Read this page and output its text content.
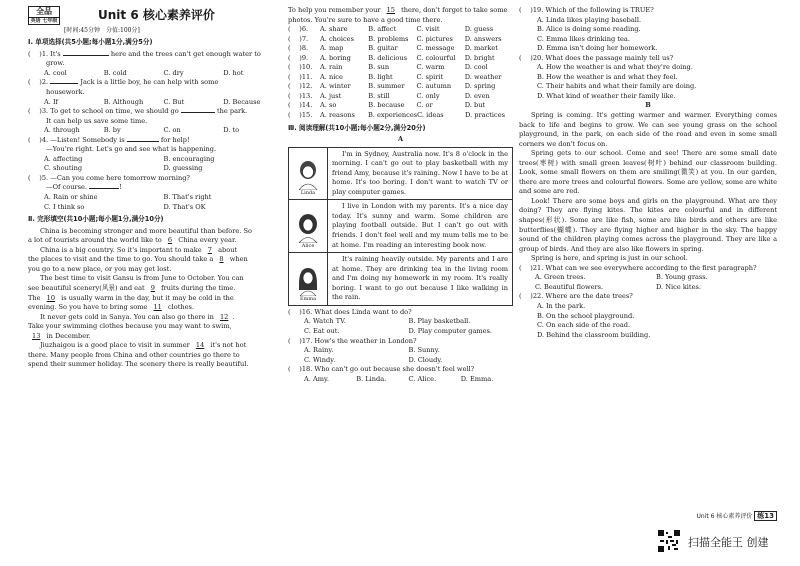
全品
英语 七年级	Unit 6 核心素养评价

[时间:45分钟　分值:100分]

Ⅰ. 单项选择(共5小题;每小题1分,满分5分)

( 　)1. It's	here and the trees can't get enough water to

grow.

A. cool	B. cold	C. dry	D. hot

( 　)2.	Jack is a little boy, he can help with some

housework.

A. If	B. Although	C. But	D. Because

( 　)3. To get to school on time, we should go	the park.

It can help us save some time.

A. through	B. by	C. on	D. to

( 　)4. —Listen! Somebody is	for help!

—You're right. Let's go and see what is happening.

A. affecting	B. encouraging
C. shouting	D. guessing

( 　)5. —Can you come here tomorrow morning?

—Of course.	!

A. Rain or shine	B. That's right
C. I think so	D. That's OK

Ⅱ. 完形填空(共10小题;每小题1分,满分10分)

China is becoming stronger and more beautiful than before. So

a lot of tourists around the world like to 6 China every year.

China is a big country. So it's important to make 7 about

the places to visit and the time to go. You should take a 8 when

you go to a new place, or you may get lost.

The best time to visit Gansu is from June to October. You can

see beautiful scenery(风景) and eat 9 fruits during the time.

The 10 is usually warm in the day, but it may be cold in the

evening. So you have to bring some 11 clothes.

It never gets cold in Sanya. You can also go there in 12 .

Take your swimming clothes because you may want to swim,

13 in December.

Jiuzhaigou is a good place to visit in summer 14 it's not hot

there. Many people from China and other countries go there to

spend their summer holiday. The scenery there is really beautiful.

To help you remember your 15 there, don't forget to take some

photos. You're sure to have a good time there.

( 　)6.	A. share	B. affect	C. visit	D. guess
( 　)7.	A. choices	B. problems	C. pictures	D. answers
( 　)8.	A. map	B. guitar	C. message	D. market
( 　)9.	A. boring	B. delicious	C. colourful	D. bright
( 　)10.	A. rain	B. sun	C. warm	D. cool
( 　)11.	A. nice	B. light	C. spirit	D. weather
( 　)12.	A. winter	B. summer	C. autumn	D. spring
( 　)13.	A. just	B. still	C. only	D. even
( 　)14.	A. so	B. because	C. or	D. but
( 　)15.	A. reasons	B. experiences C. ideas	D. practices

Ⅲ. 阅读理解(共10小题;每小题2分,满分20分)

A

Linda
I'm in Sydney, Australia now. It's 8 o'clock in the morning. I can't go out to play basketball with my friend Amy, because it's raining. Now I have to be at home. It's too boring. I don't want to watch TV or play computer games.
Alice
I live in London with my parents. It's a nice day today. It's sunny and warm. Some children are playing football outside. But I can't go out with friends. I don't feel well and my mum tells me to be at home. I'm reading an interesting book now.
Emma
It's raining heavily outside. My parents and I are at home. They are drinking tea in the living room and I'm doing my homework in my room. It's really boring. I want to go out because I like walking in the rain.

( 　)16. What does Linda want to do?

A. Watch TV.	B. Play basketball.
C. Eat out.	D. Play computer games.

( 　)17. How's the weather in London?

A. Rainy.	B. Sunny.
C. Windy.	D. Cloudy.

( 　)18. Who can't go out because she doesn't feel well?

A. Amy.	B. Linda.	C. Alice.	D. Emma.

( 　)19. Which of the following is TRUE?

A. Linda likes playing baseball.

B. Alice is doing some reading.

C. Emma likes drinking tea.

D. Emma isn't doing her homework.

( 　)20. What does the passage mainly tell us?

A. How the weather is and what they're doing.

B. How the weather is and what they feel.

C. Their habits and what their family are doing.

D. What kind of weather their family like.

B

Spring is coming. It's getting warmer and warmer. Everything comes back to life and begins to grow. We can see young grass on the school playground, in the park, on each side of the road and even in some small corners we don't focus on.

Spring gets to our school. Come and see! There are some small date trees(枣树) with small green leaves(树叶) behind our classroom building. Look, some small flowers on them are smiling(微笑) at you. In our garden, there are more trees and colourful flowers. Some are yellow, some are white and some are red.

Look! There are some boys and girls on the playground. What are they doing? They are flying kites. The kites are colourful and in different shapes(形状). Some are like fish, some are like birds and others are like butterflies(蝴蝶). They are flying higher and higher in the sky. The happy sound of the children playing comes across the playground. They are like a group of birds. And they are also like flowers in spring.

Spring is here, and spring is just in our school.

( 　)21. What can we see everywhere according to the first paragraph?

A. Green trees.	B. Young grass.
C. Beautiful flowers.	D. Nice kites.

( 　)22. Where are the date trees?

A. In the park.

B. On the school playground.

C. On each side of the road.

D. Behind the classroom building.

Unit 6 核心素养评价 练13
扫描全能王 创建
